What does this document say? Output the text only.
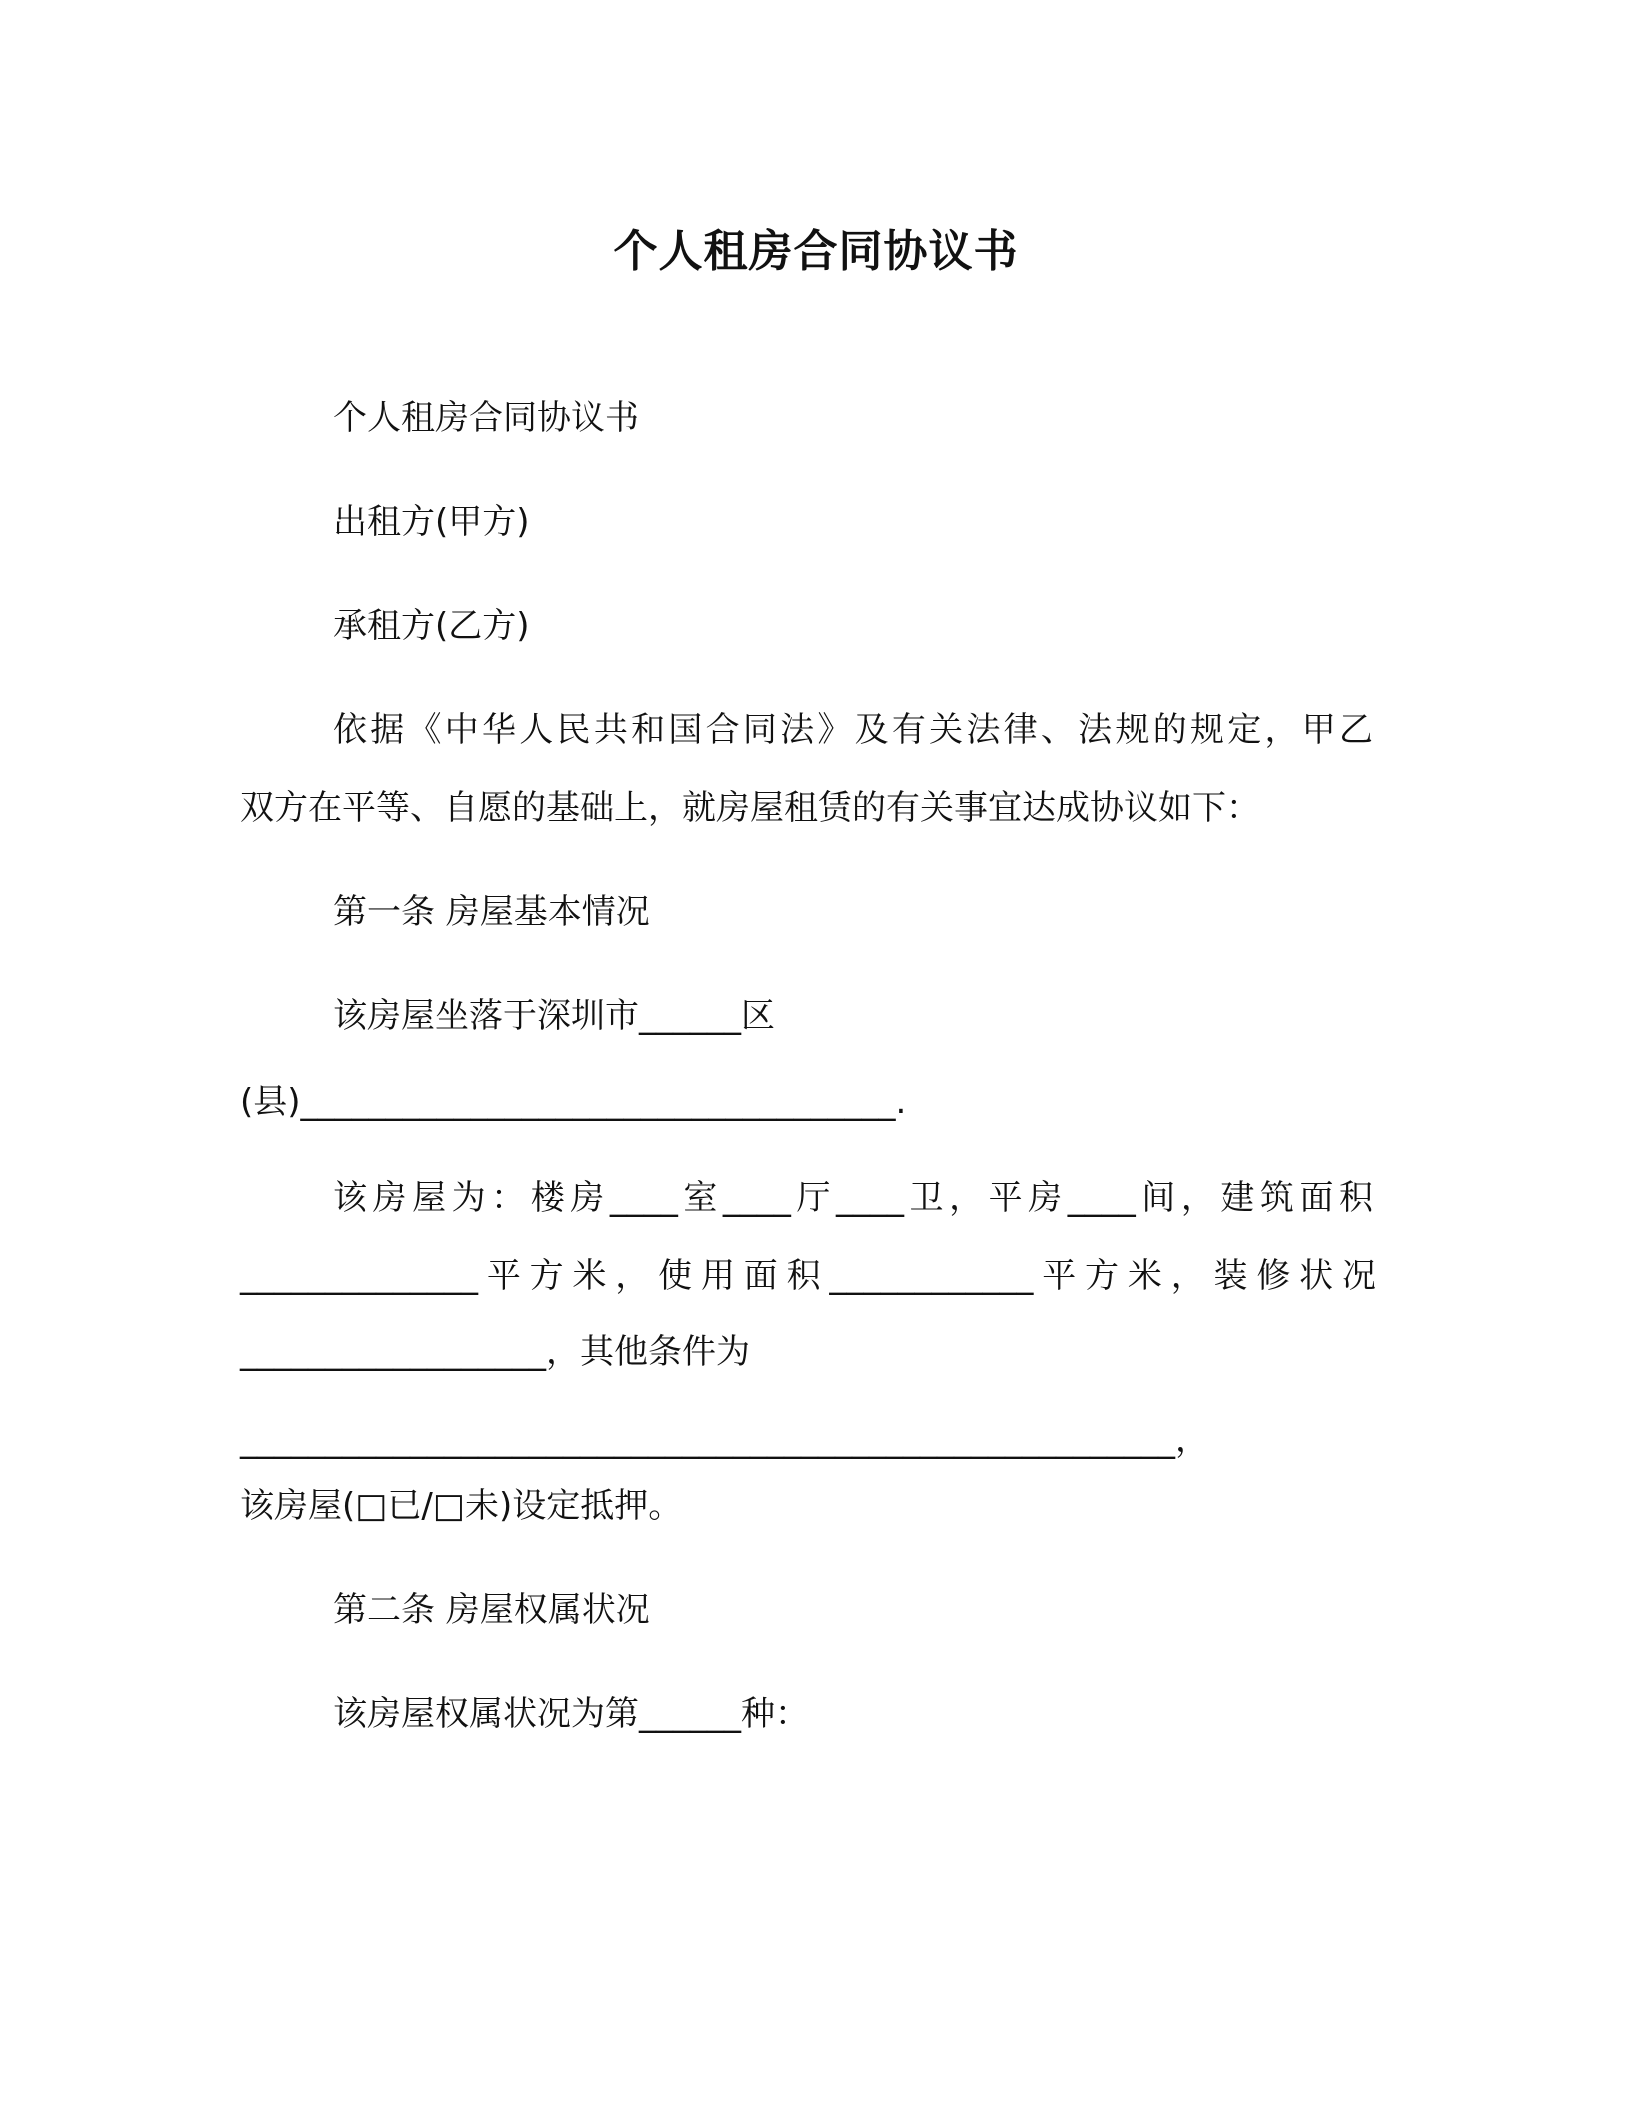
个人租房合同协议书
个人租房合同协议书
出租方(甲方)
承租方(乙方)
依据《中华人民共和国合同法》及有关法律、法规的规定，甲乙
双方在平等、自愿的基础上，就房屋租赁的有关事宜达成协议如下：
第一条 房屋基本情况
该房屋坐落于深圳市______区
(县)___________________________________.
该房屋为：楼房____室____厅____卫，平房____间，建筑面积
______________平方米，使用面积____________平方米，装修状况
__________________，其他条件为
_______________________________________________________，
该房屋(□已/□未)设定抵押。
第二条 房屋权属状况
该房屋权属状况为第______种：
